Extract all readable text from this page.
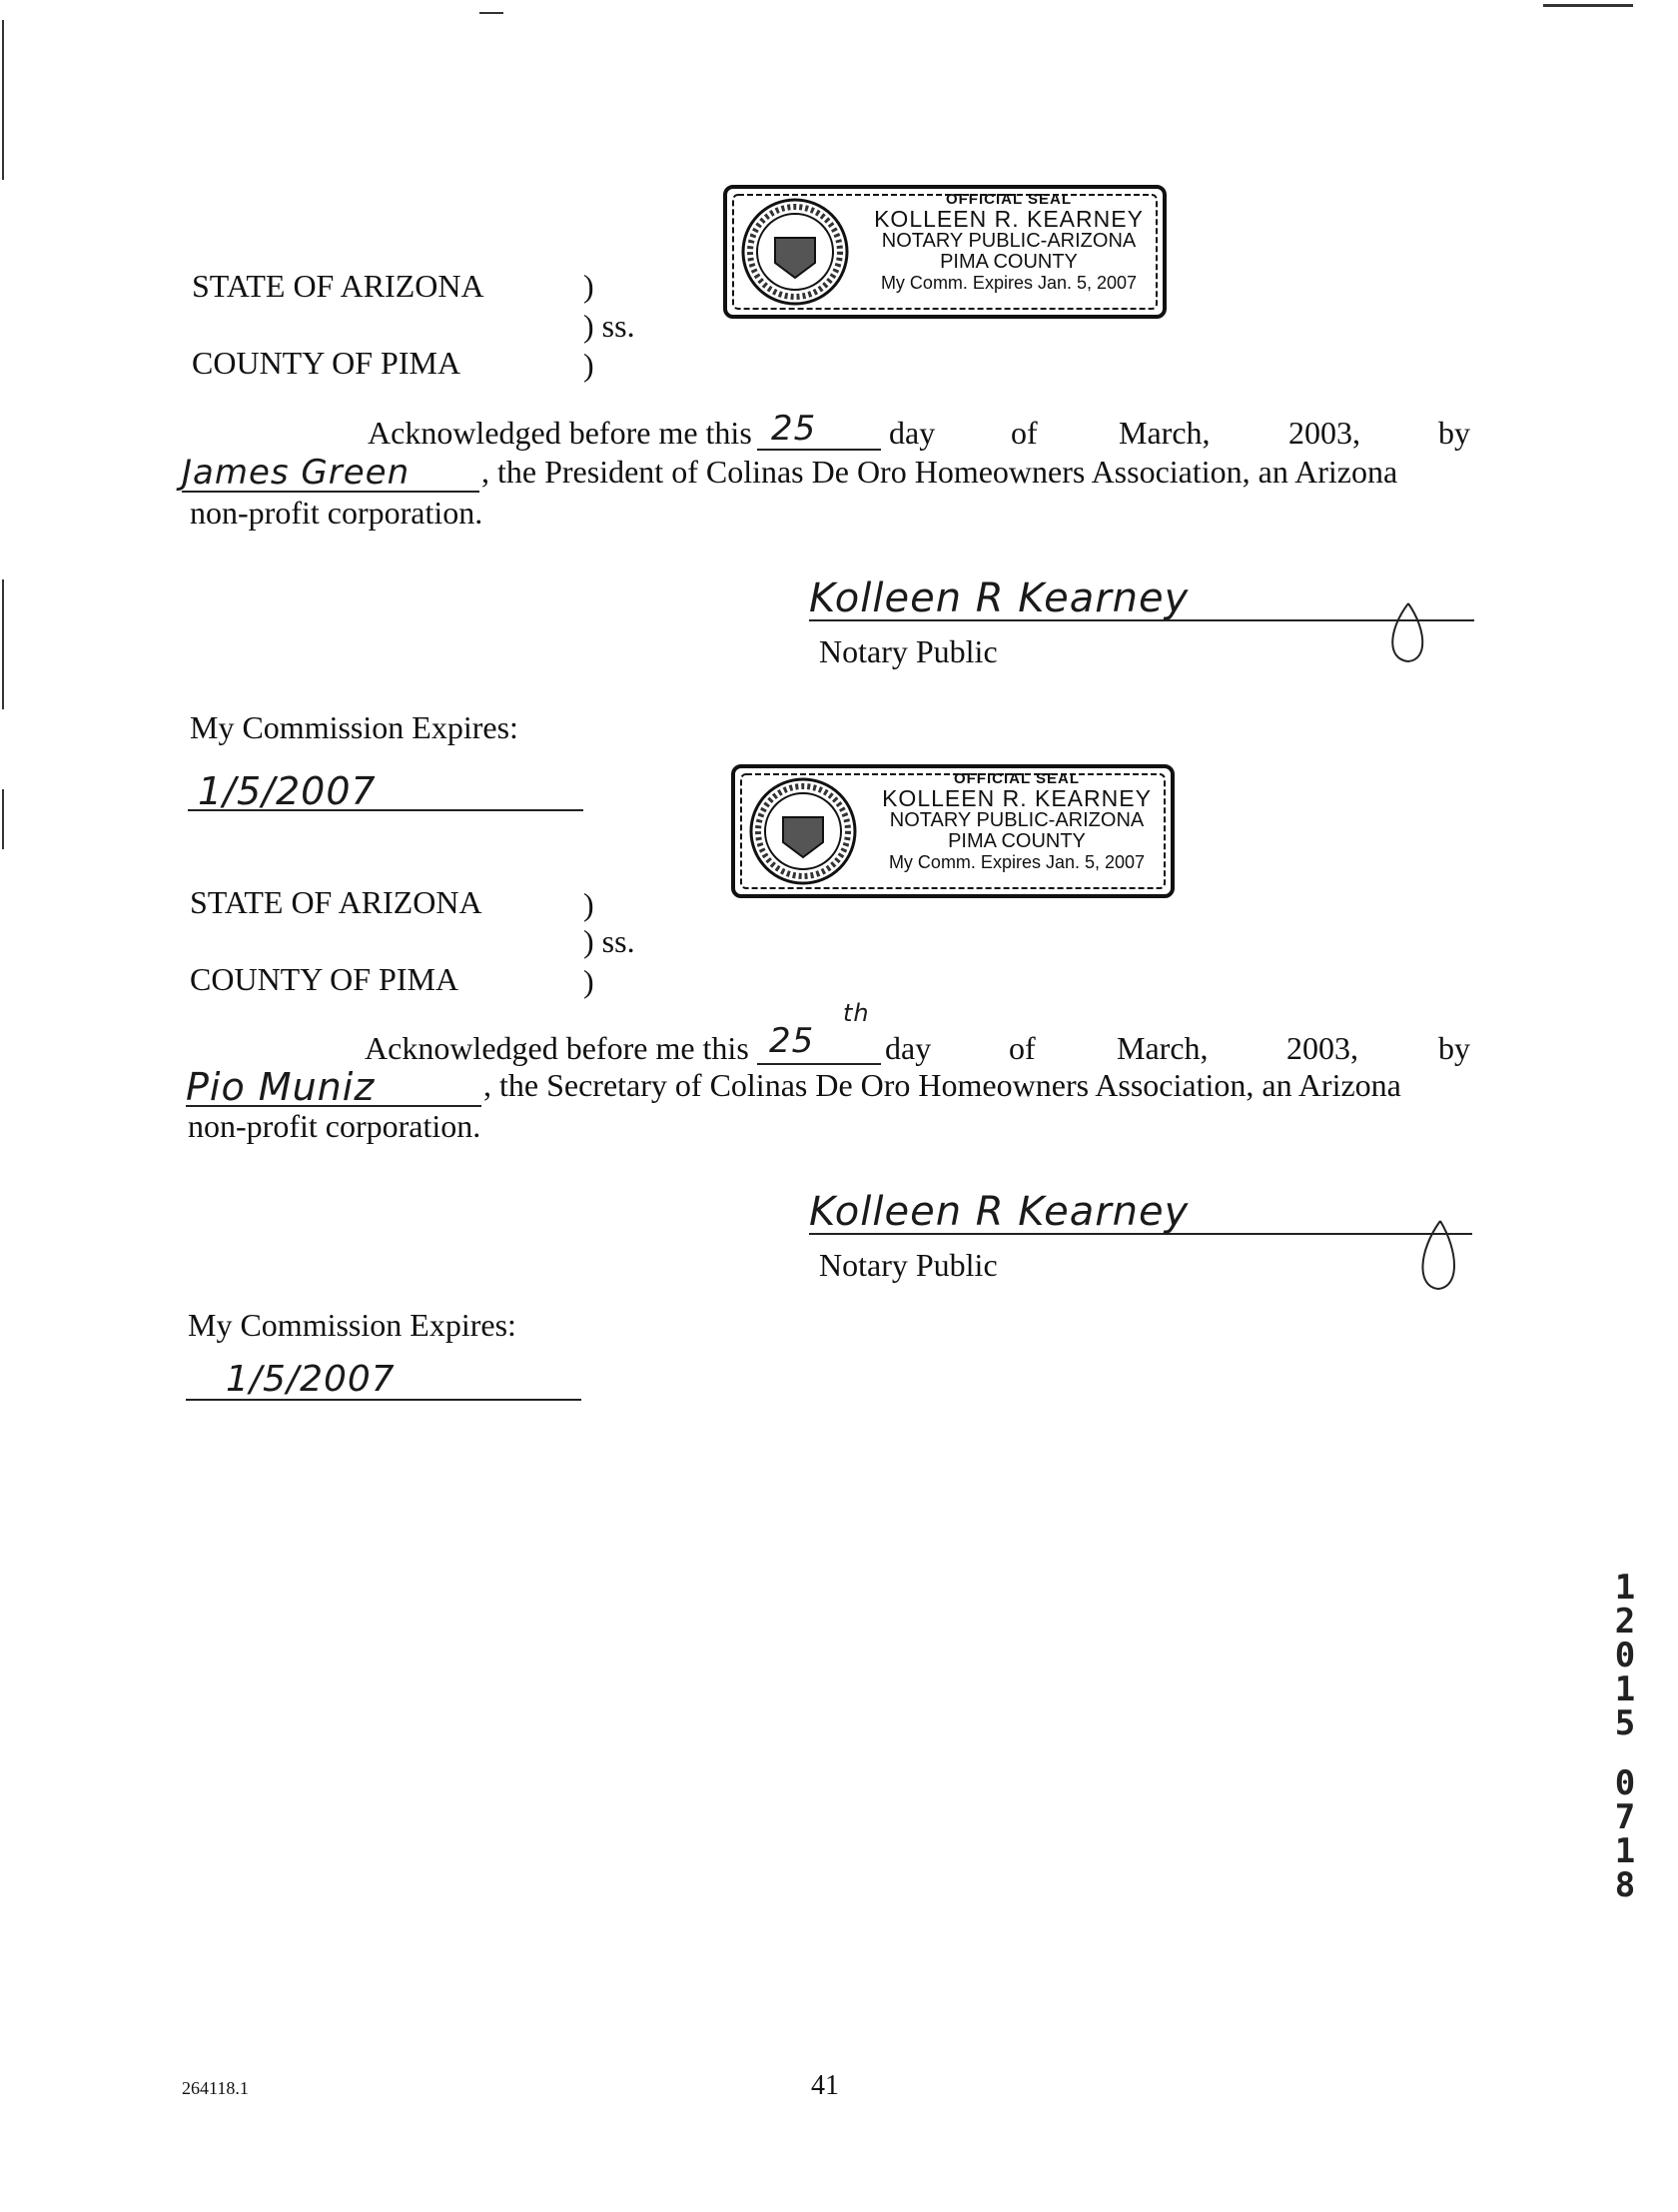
STATE OF ARIZONA	)
) ss.
COUNTY OF PIMA	)
OFFICIAL SEAL
KOLLEEN R. KEARNEY
NOTARY PUBLIC-ARIZONA
PIMA COUNTY
My Comm. Expires Jan. 5, 2007
Acknowledged before me this 25 day of	March, 2003, by
James Green , the President of Colinas De Oro Homeowners Association, an Arizona
non-profit corporation.
Kolleen R Kearney
Notary Public
My Commission Expires:
1/5/2007
STATE OF ARIZONA	)
) ss.
COUNTY OF PIMA	)
OFFICIAL SEAL
KOLLEEN R. KEARNEY
NOTARY PUBLIC-ARIZONA
PIMA COUNTY
My Comm. Expires Jan. 5, 2007
Acknowledged before me this 25
th
day of	March, 2003,	by
Pio Muniz	, the Secretary of Colinas De Oro Homeowners Association, an Arizona
non-profit corporation.
Kolleen R Kearney
Notary Public
My Commission Expires:
1/5/2007
1
2
0
1
5
0
7
1
8
264118.1	41
